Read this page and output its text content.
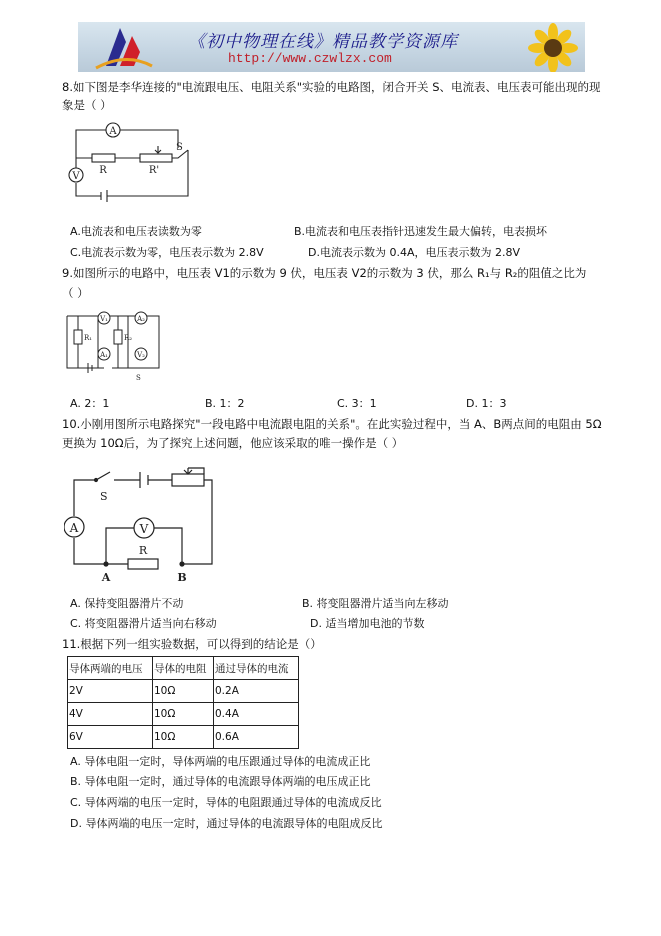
《初中物理在线》精品教学资源库
http://www.czwlzx.com
8.如下图是李华连接的"电流跟电压、电阻关系"实验的电路图，闭合开关 S、电流表、电压表可能出现的现
象是（ ）
A
R	R'
S
V
A.电流表和电压表读数为零	B.电流表和电压表指针迅速发生最大偏转，电表损坏
C.电流表示数为零，电压表示数为 2.8V	D.电流表示数为 0.4A，电压表示数为 2.8V
9.如图所示的电路中，电压表 V1的示数为 9 伏，电压表 V2的示数为 3 伏，那么 R₁与 R₂的阻值之比为
（ ）
R₁	R₂
V₁	A₂
A₁	V₂
S
A. 2：1	B. 1：2	C. 3：1	D. 1：3
10.小刚用图所示电路探究"一段电路中电流跟电阻的关系"。在此实验过程中，当 A、B两点间的电阻由 5Ω
更换为 10Ω后，为了探究上述问题，他应该采取的唯一操作是（ ）
S
A	V
R
A	B
A. 保持变阻器滑片不动	B. 将变阻器滑片适当向左移动
C. 将变阻器滑片适当向右移动	D. 适当增加电池的节数
11.根据下列一组实验数据，可以得到的结论是（）
导体两端的电压	导体的电阻	通过导体的电流
2V	10Ω	0.2A
4V	10Ω	0.4A
6V	10Ω	0.6A
A. 导体电阻一定时，导体两端的电压跟通过导体的电流成正比
B. 导体电阻一定时，通过导体的电流跟导体两端的电压成正比
C. 导体两端的电压一定时，导体的电阻跟通过导体的电流成反比
D. 导体两端的电压一定时，通过导体的电流跟导体的电阻成反比
